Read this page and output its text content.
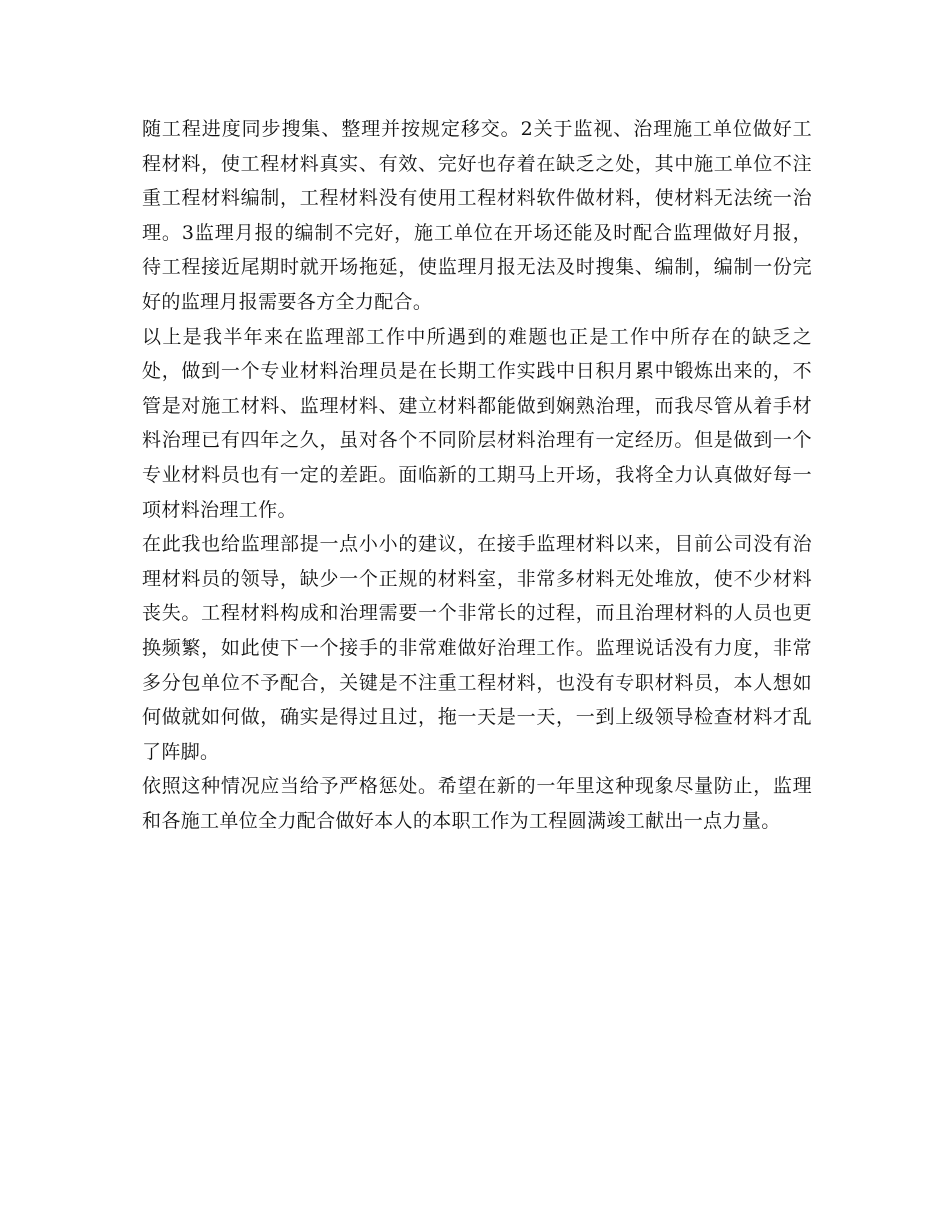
随工程进度同步搜集、整理并按规定移交。2关于监视、治理施工单位做好工程材料，使工程材料真实、有效、完好也存着在缺乏之处，其中施工单位不注重工程材料编制，工程材料没有使用工程材料软件做材料，使材料无法统一治理。3监理月报的编制不完好，施工单位在开场还能及时配合监理做好月报，待工程接近尾期时就开场拖延，使监理月报无法及时搜集、编制，编制一份完好的监理月报需要各方全力配合。

以上是我半年来在监理部工作中所遇到的难题也正是工作中所存在的缺乏之处，做到一个专业材料治理员是在长期工作实践中日积月累中锻炼出来的，不管是对施工材料、监理材料、建立材料都能做到娴熟治理，而我尽管从着手材料治理已有四年之久，虽对各个不同阶层材料治理有一定经历。但是做到一个专业材料员也有一定的差距。面临新的工期马上开场，我将全力认真做好每一项材料治理工作。

在此我也给监理部提一点小小的建议，在接手监理材料以来，目前公司没有治理材料员的领导，缺少一个正规的材料室，非常多材料无处堆放，使不少材料丧失。工程材料构成和治理需要一个非常长的过程，而且治理材料的人员也更换频繁，如此使下一个接手的非常难做好治理工作。监理说话没有力度，非常多分包单位不予配合，关键是不注重工程材料，也没有专职材料员，本人想如何做就如何做，确实是得过且过，拖一天是一天，一到上级领导检查材料才乱了阵脚。

依照这种情况应当给予严格惩处。希望在新的一年里这种现象尽量防止，监理和各施工单位全力配合做好本人的本职工作为工程圆满竣工献出一点力量。
